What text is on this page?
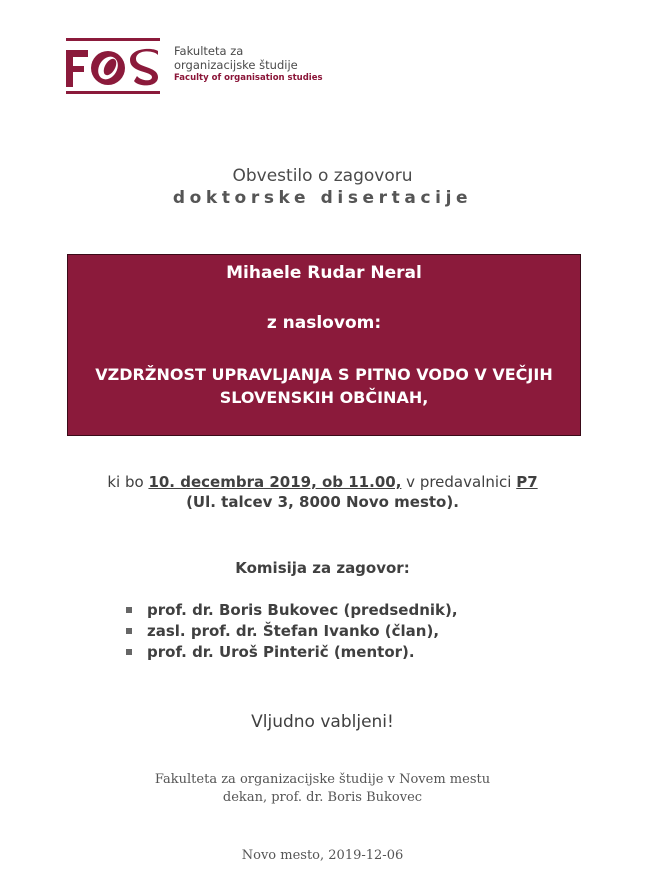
Fakulteta za
organizacijske študije
Faculty of organisation studies
Obvestilo o zagovoru
doktorske disertacije
Mihaele Rudar Neral
z naslovom:
VZDRŽNOST UPRAVLJANJA S PITNO VODO V VEČJIH
SLOVENSKIH OBČINAH,
ki bo 10. decembra 2019, ob 11.00, v predavalnici P7
(Ul. talcev 3, 8000 Novo mesto).
Komisija za zagovor:
prof. dr. Boris Bukovec (predsednik),
zasl. prof. dr. Štefan Ivanko (član),
prof. dr. Uroš Pinterič (mentor).
Vljudno vabljeni!
Fakulteta za organizacijske študije v Novem mestu
dekan, prof. dr. Boris Bukovec
Novo mesto, 2019-12-06
